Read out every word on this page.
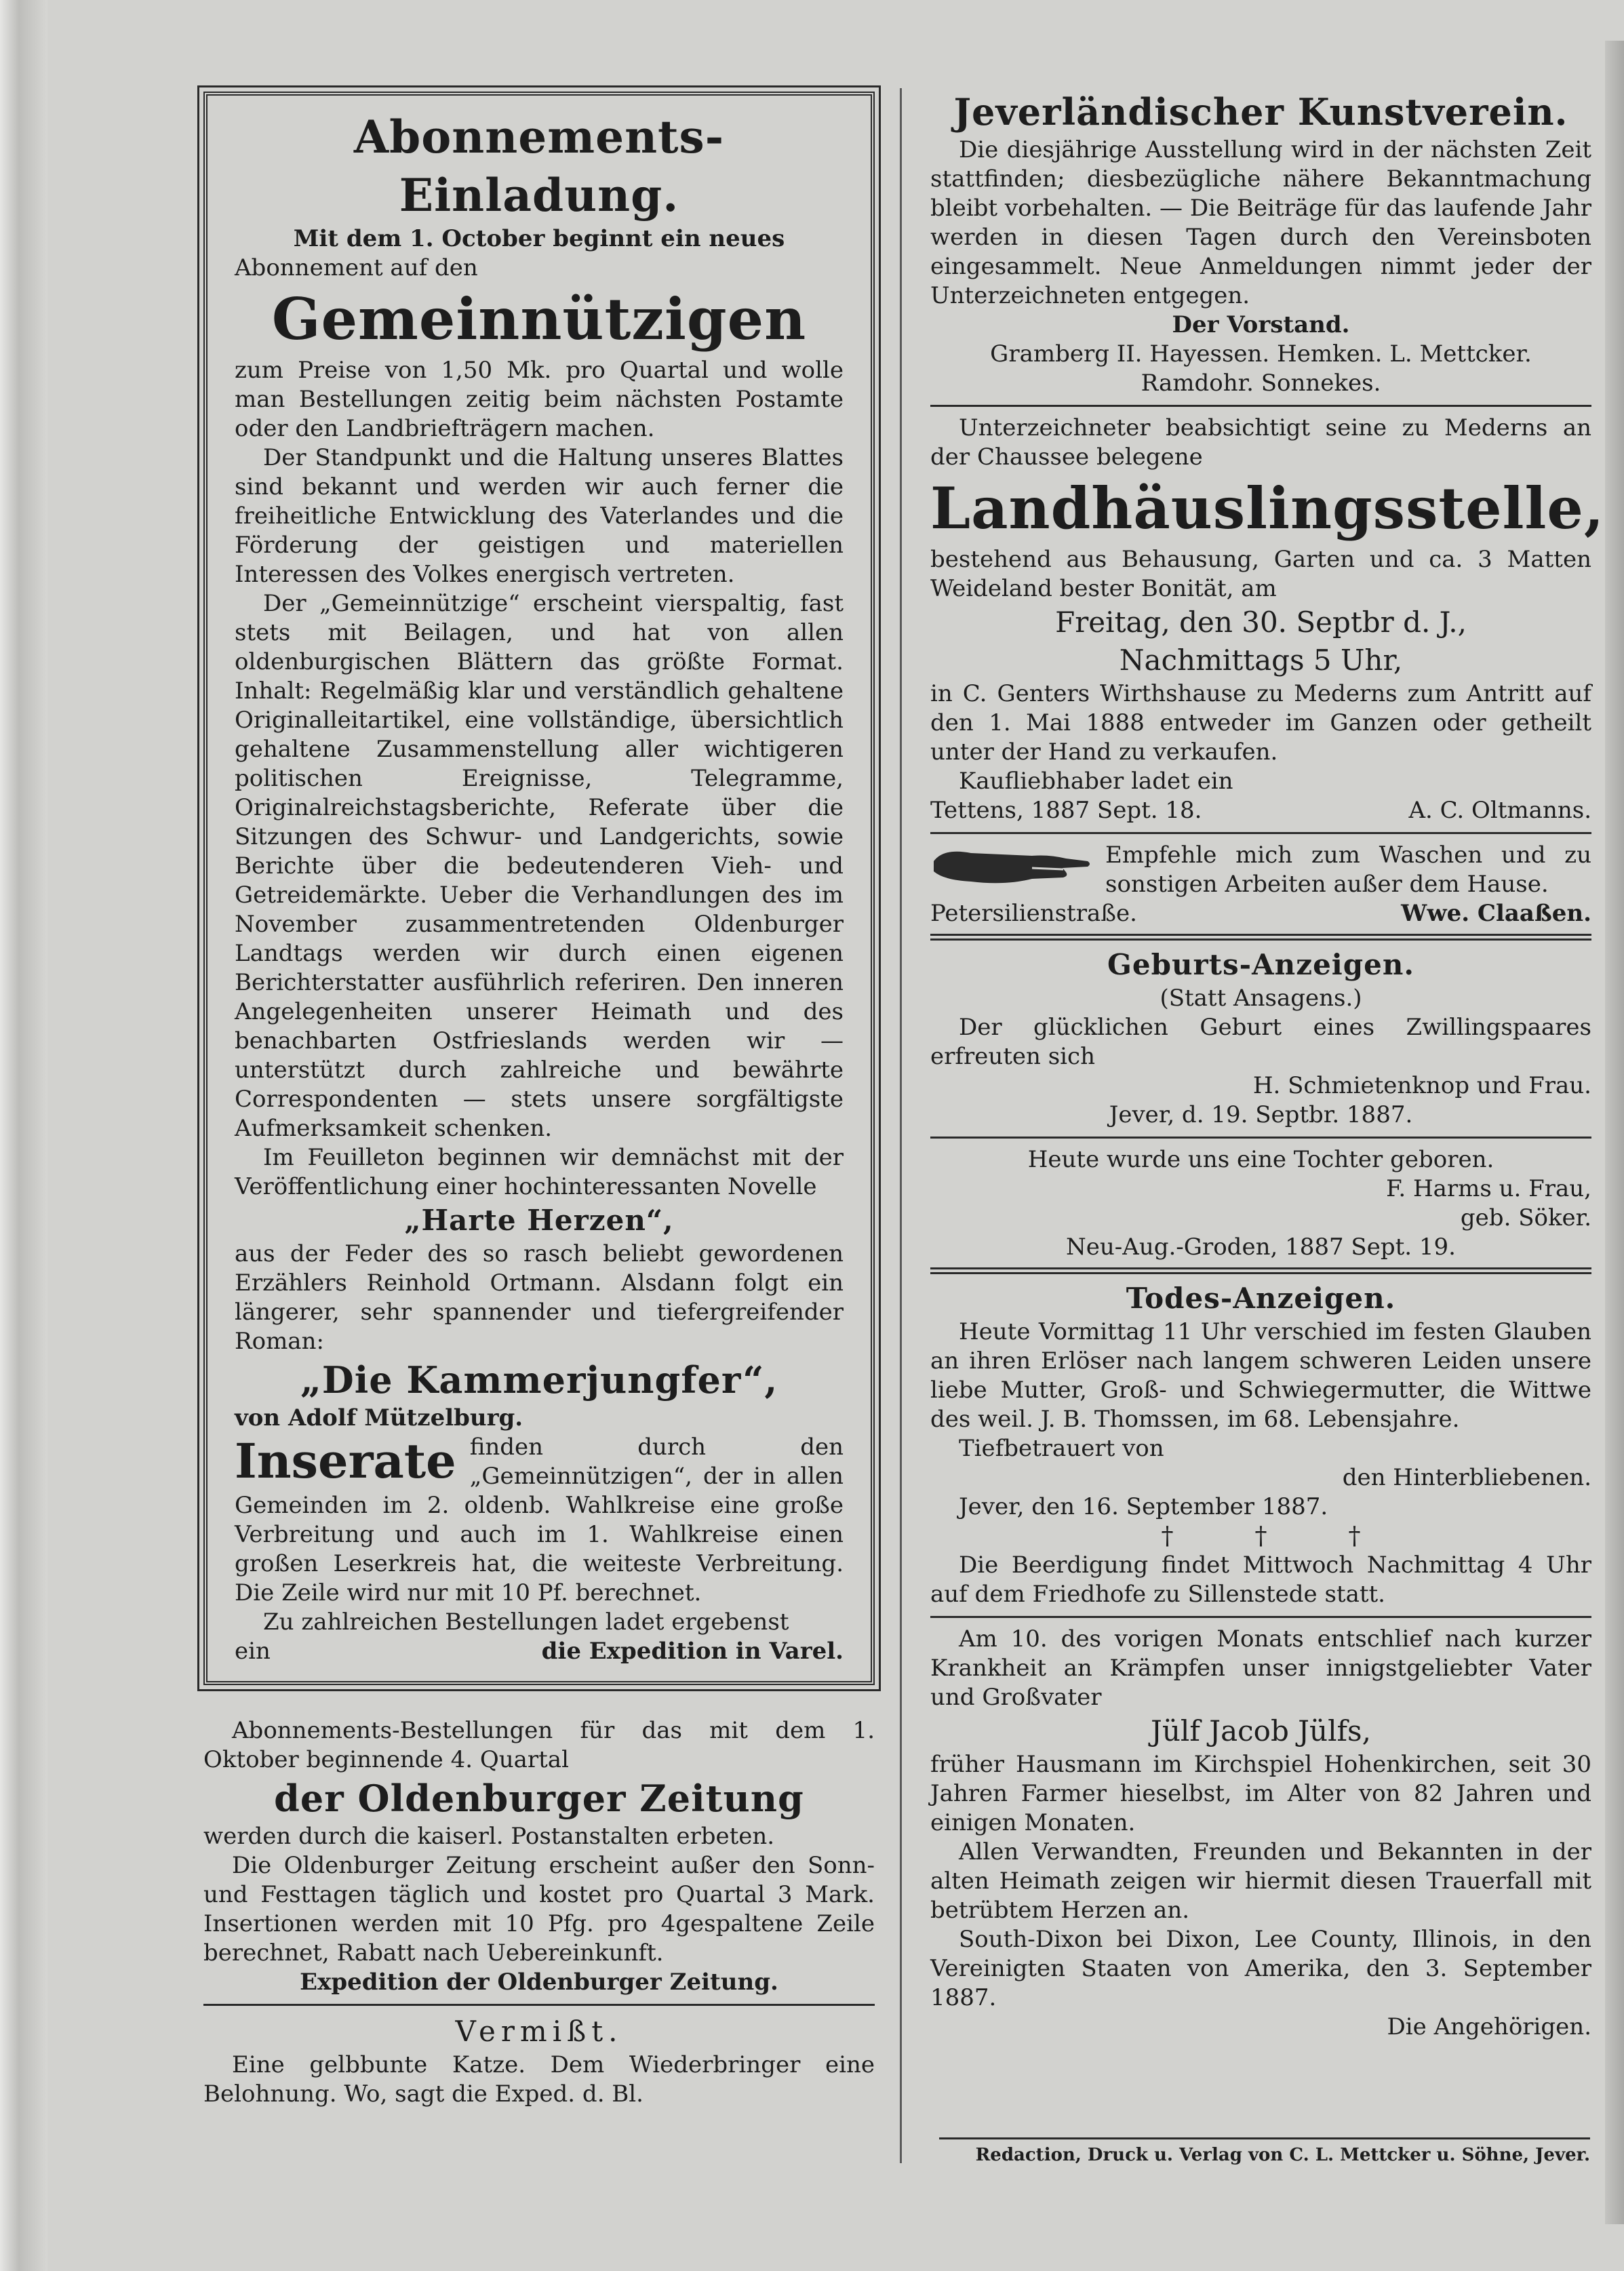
Abonnements-Einladung.

Mit dem 1. October beginnt ein neues

Abonnement auf den

Gemeinnützigen

zum Preise von 1,50 Mk. pro Quartal und wolle man Bestellungen zeitig beim nächsten Postamte oder den Landbriefträgern machen.

Der Standpunkt und die Haltung unseres Blattes sind bekannt und werden wir auch ferner die freiheitliche Entwicklung des Vaterlandes und die Förderung der geistigen und materiellen Interessen des Volkes energisch vertreten.

Der „Gemeinnützige“ erscheint vierspaltig, fast stets mit Beilagen, und hat von allen oldenburgischen Blättern das größte Format. Inhalt: Regelmäßig klar und verständlich gehaltene Originalleitartikel, eine vollständige, übersichtlich gehaltene Zusammenstellung aller wichtigeren politischen Ereignisse, Telegramme, Originalreichstagsberichte, Referate über die Sitzungen des Schwur- und Landgerichts, sowie Berichte über die bedeutenderen Vieh- und Getreidemärkte. Ueber die Verhandlungen des im November zusammentretenden Oldenburger Landtags werden wir durch einen eigenen Berichterstatter ausführlich referiren. Den inneren Angelegenheiten unserer Heimath und des benachbarten Ostfrieslands werden wir — unterstützt durch zahlreiche und bewährte Correspondenten — stets unsere sorgfältigste Aufmerksamkeit schenken.

Im Feuilleton beginnen wir demnächst mit der Veröffentlichung einer hochinteressanten Novelle

„Harte Herzen“,

aus der Feder des so rasch beliebt gewordenen Erzählers Reinhold Ortmann. Alsdann folgt ein längerer, sehr spannender und tiefergreifender Roman:

„Die Kammerjungfer“,

von Adolf Mützelburg.

Inserate finden durch den „Gemeinnützigen“, der in allen Gemeinden im 2. oldenb. Wahlkreise eine große Verbreitung und auch im 1. Wahlkreise einen großen Leserkreis hat, die weiteste Verbreitung. Die Zeile wird nur mit 10 Pf. berechnet.

Zu zahlreichen Bestellungen ladet ergebenst

ein	die Expedition in Varel.

Abonnements-Bestellungen für das mit dem 1. Oktober beginnende 4. Quartal

der Oldenburger Zeitung

werden durch die kaiserl. Postanstalten erbeten.

Die Oldenburger Zeitung erscheint außer den Sonn- und Festtagen täglich und kostet pro Quartal 3 Mark. Insertionen werden mit 10 Pfg. pro 4gespaltene Zeile berechnet, Rabatt nach Uebereinkunft.

Expedition der Oldenburger Zeitung.

Vermißt.

Eine gelbbunte Katze. Dem Wiederbringer eine Belohnung. Wo, sagt die Exped. d. Bl.

Jeverländischer Kunstverein.

Die diesjährige Ausstellung wird in der nächsten Zeit stattfinden; diesbezügliche nähere Bekanntmachung bleibt vorbehalten. — Die Beiträge für das laufende Jahr werden in diesen Tagen durch den Vereinsboten eingesammelt. Neue Anmeldungen nimmt jeder der Unterzeichneten entgegen.

Der Vorstand.

Gramberg II. Hayessen. Hemken. L. Mettcker.

Ramdohr. Sonnekes.

Unterzeichneter beabsichtigt seine zu Mederns an der Chaussee belegene

Landhäuslingsstelle,

bestehend aus Behausung, Garten und ca. 3 Matten Weideland bester Bonität, am

Freitag, den 30. Septbr d. J.,

Nachmittags 5 Uhr,

in C. Genters Wirthshause zu Mederns zum Antritt auf den 1. Mai 1888 entweder im Ganzen oder getheilt unter der Hand zu verkaufen.

Kaufliebhaber ladet ein

Tettens, 1887 Sept. 18.	A. C. Oltmanns.

Empfehle mich zum Waschen und zu sonstigen Arbeiten außer dem Hause.

Petersilienstraße.	Wwe. Claaßen.

Geburts-Anzeigen.

(Statt Ansagens.)

Der glücklichen Geburt eines Zwillingspaares erfreuten sich

H. Schmietenknop und Frau.

Jever, d. 19. Septbr. 1887.

Heute wurde uns eine Tochter geboren.

F. Harms u. Frau,

geb. Söker.

Neu-Aug.-Groden, 1887 Sept. 19.

Todes-Anzeigen.

Heute Vormittag 11 Uhr verschied im festen Glauben an ihren Erlöser nach langem schweren Leiden unsere liebe Mutter, Groß- und Schwiegermutter, die Wittwe des weil. J. B. Thomssen, im 68. Lebensjahre.

Tiefbetrauert von

den Hinterbliebenen.

Jever, den 16. September 1887.

†	†	†

Die Beerdigung findet Mittwoch Nachmittag 4 Uhr auf dem Friedhofe zu Sillenstede statt.

Am 10. des vorigen Monats entschlief nach kurzer Krankheit an Krämpfen unser innigstgeliebter Vater und Großvater

Jülf Jacob Jülfs,

früher Hausmann im Kirchspiel Hohenkirchen, seit 30 Jahren Farmer hieselbst, im Alter von 82 Jahren und einigen Monaten.

Allen Verwandten, Freunden und Bekannten in der alten Heimath zeigen wir hiermit diesen Trauerfall mit betrübtem Herzen an.

South-Dixon bei Dixon, Lee County, Illinois, in den Vereinigten Staaten von Amerika, den 3. September 1887.

Die Angehörigen.

Redaction, Druck u. Verlag von C. L. Mettcker u. Söhne, Jever.
